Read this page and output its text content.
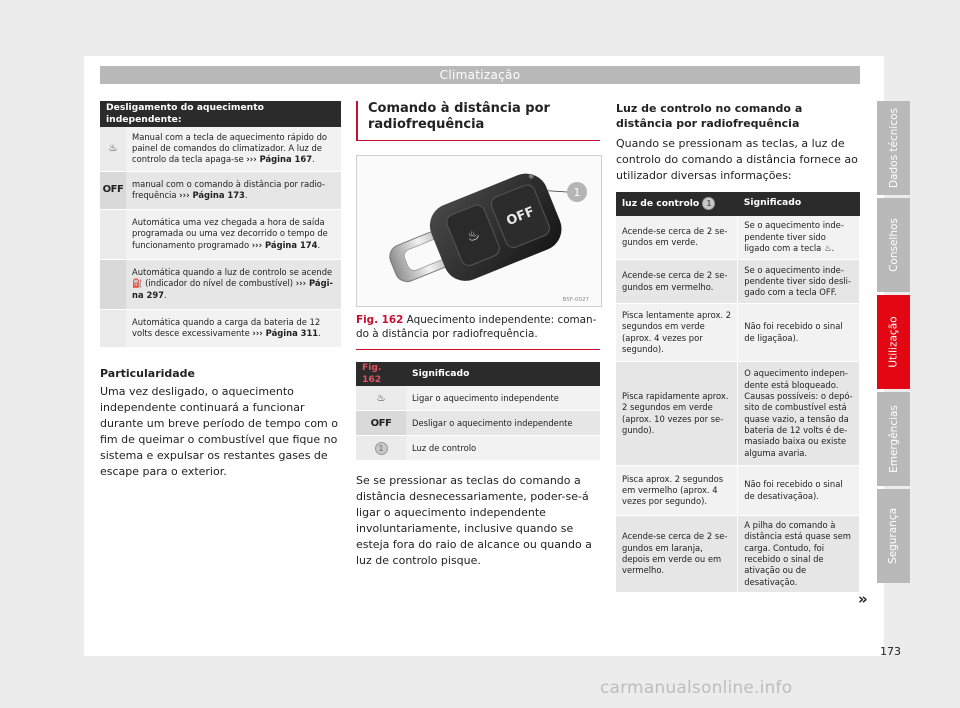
Climatização
Desligamento do aquecimento independente:	
♨	Manual com a tecla de aquecimento rápido do painel de comandos do climatizador. A luz de controlo da tecla apaga-se ››› Página 167.
OFF	manual com o comando à distância por radiofrequência ››› Página 173.
	Automática uma vez chegada a hora de saída programada ou uma vez decorrido o tempo de funcionamento programado ››› Página 174.
	Automática quando a luz de controlo se acende ⛽ (indicador do nível de combustível) ››› Página 297.
	Automática quando a carga da bateria de 12 volts desce excessivamente ››› Página 311.

Particularidade

Uma vez desligado, o aquecimento independente continuará a funcionar durante um breve período de tempo com o fim de queimar o combustível que fique no sistema e expulsar os restantes gases de escape para o exterior.

Comando à distância por radiofrequência

OFF
♨
1
B5F-0027

Fig. 162 Aquecimento independente: comando à distância por radiofrequência.

Fig. 162	Significado
♨	Ligar o aquecimento independente
OFF	Desligar o aquecimento independente
1	Luz de controlo

Se se pressionar as teclas do comando a distância desnecessariamente, poder-se-á ligar o aquecimento independente involuntariamente, inclusive quando se esteja fora do raio de alcance ou quando a luz de controlo pisque.

Luz de controlo no comando a distância por radiofrequência

Quando se pressionam as teclas, a luz de controlo do comando a distância fornece ao utilizador diversas informações:

luz de controlo 1	Significado
Acende-se cerca de 2 segundos em verde.	Se o aquecimento independente tiver sido ligado com a tecla ♨.
Acende-se cerca de 2 segundos em vermelho.	Se o aquecimento independente tiver sido desligado com a tecla OFF.
Pisca lentamente aprox. 2 segundos em verde (aprox. 4 vezes por segundo).	Não foi recebido o sinal de ligaçãoa).
Pisca rapidamente aprox. 2 segundos em verde (aprox. 10 vezes por segundo).	O aquecimento independente está bloqueado. Causas possíveis: o depósito de combustível está quase vazio, a tensão da bateria de 12 volts é demasiado baixa ou existe alguma avaria.
Pisca aprox. 2 segundos em vermelho (aprox. 4 vezes por segundo).	Não foi recebido o sinal de desativaçãoa).
Acende-se cerca de 2 segundos em laranja, depois em verde ou em vermelho.	A pilha do comando à distância está quase sem carga. Contudo, foi recebido o sinal de ativação ou de desativação.
Dados técnicos
Conselhos
Utilização
Emergências
Segurança
»
173
carmanualsonline.info
